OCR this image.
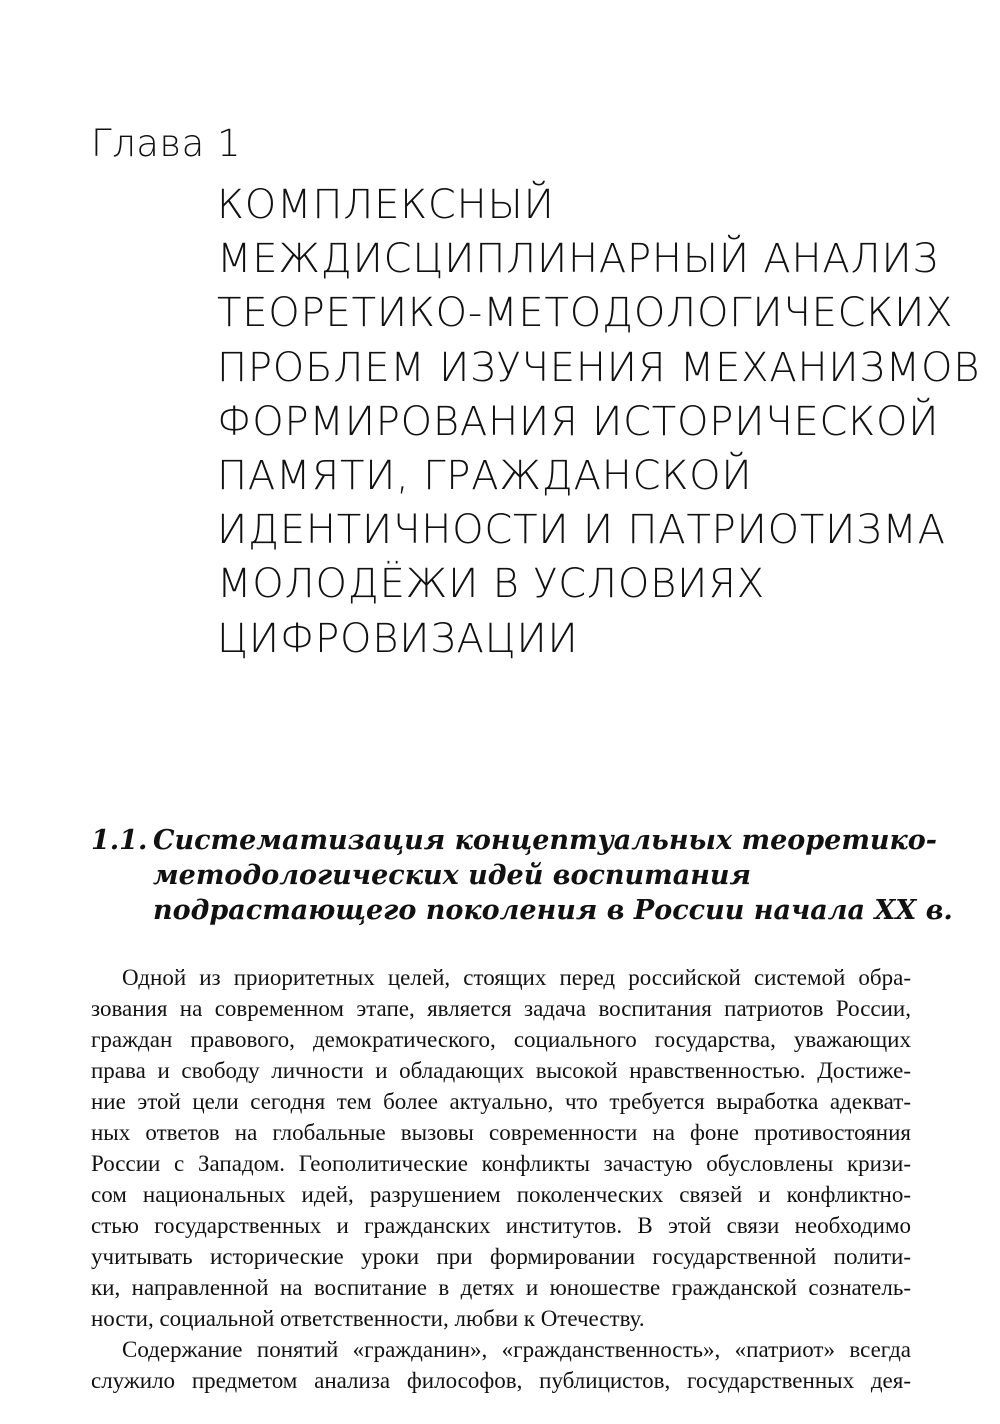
Глава 1
КОМПЛЕКСНЫЙ
МЕЖДИСЦИПЛИНАРНЫЙ АНАЛИЗ
ТЕОРЕТИКО-МЕТОДОЛОГИЧЕСКИХ
ПРОБЛЕМ ИЗУЧЕНИЯ МЕХАНИЗМОВ
ФОРМИРОВАНИЯ ИСТОРИЧЕСКОЙ
ПАМЯТИ, ГРАЖДАНСКОЙ
ИДЕНТИЧНОСТИ И ПАТРИОТИЗМА
МОЛОДЁЖИ В УСЛОВИЯХ
ЦИФРОВИЗАЦИИ
1.1. Систематизация концептуальных теоретико-
методологических идей воспитания
подрастающего поколения в России начала XX в.
Одной из приоритетных целей, стоящих перед российской системой обра-
зования на современном этапе, является задача воспитания патриотов России,
граждан правового, демократического, социального государства, уважающих
права и свободу личности и обладающих высокой нравственностью. Достиже-
ние этой цели сегодня тем более актуально, что требуется выработка адекват-
ных ответов на глобальные вызовы современности на фоне противостояния
России с Западом. Геополитические конфликты зачастую обусловлены кризи-
сом национальных идей, разрушением поколенческих связей и конфликтно-
стью государственных и гражданских институтов. В этой связи необходимо
учитывать исторические уроки при формировании государственной полити-
ки, направленной на воспитание в детях и юношестве гражданской сознатель-
ности, социальной ответственности, любви к Отечеству.
Содержание понятий «гражданин», «гражданственность», «патриот» всегда
служило предметом анализа философов, публицистов, государственных дея-
